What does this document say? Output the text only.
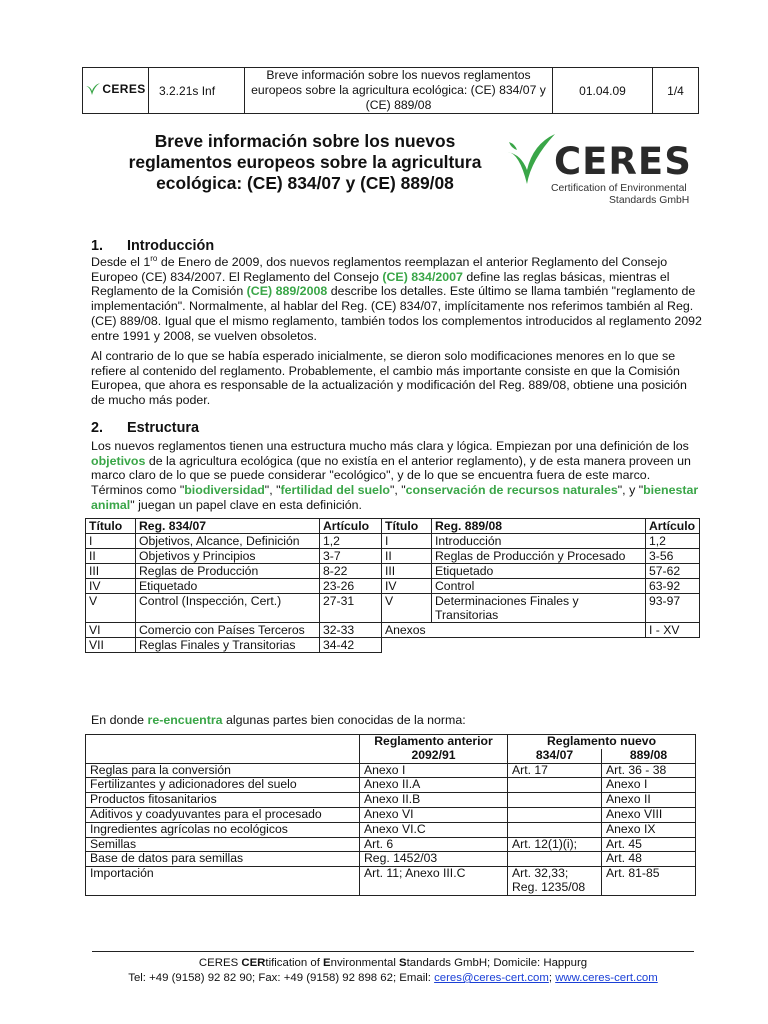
CERES	3.2.21s Inf	Breve información sobre los nuevos reglamentos europeos sobre la agricultura ecológica: (CE) 834/07 y (CE) 889/08	01.04.09	1/4
Breve información sobre los nuevos reglamentos europeos sobre la agricultura ecológica: (CE) 834/07 y (CE) 889/08	CERES
Certification of Environmental
Standards GmbH
1. Introducción
Desde el $1^{ro}$ de Enero de 2009, dos nuevos reglamentos reemplazan el anterior Reglamento del Consejo Europeo (CE) 834/2007. El Reglamento del Consejo (CE) 834/2007 define las reglas básicas, mientras el Reglamento de la Comisión (CE) 889/2008 describe los detalles. Este último se llama también "reglamento de implementación". Normalmente, al hablar del Reg. (CE) 834/07, implícitamente nos referimos también al Reg. (CE) 889/08. Igual que el mismo reglamento, también todos los complementos introducidos al reglamento 2092 entre 1991 y 2008, se vuelven obsoletos.
Al contrario de lo que se había esperado inicialmente, se dieron solo modificaciones menores en lo que se refiere al contenido del reglamento. Probablemente, el cambio más importante consiste en que la Comisión Europea, que ahora es responsable de la actualización y modificación del Reg. 889/08, obtiene una posición de mucho más poder.
2. Estructura
Los nuevos reglamentos tienen una estructura mucho más clara y lógica. Empiezan por una definición de los objetivos de la agricultura ecológica (que no existía en el anterior reglamento), y de esta manera proveen un marco claro de lo que se puede considerar "ecológico", y de lo que se encuentra fuera de este marco. Términos como "biodiversidad", "fertilidad del suelo", "conservación de recursos naturales", y "bienestar animal" juegan un papel clave en esta definición.
Título	Reg. 834/07	Artículo	Título	Reg. 889/08	Artículo
I	Objetivos, Alcance, Definición	1,2	I	Introducción	1,2
II	Objetivos y Principios	3-7	II	Reglas de Producción y Procesado	3-56
III	Reglas de Producción	8-22	III	Etiquetado	57-62
IV	Etiquetado	23-26	IV	Control	63-92
V	Control (Inspección, Cert.)	27-31	V	Determinaciones Finales y Transitorias	93-97
VI	Comercio con Países Terceros	32-33	Anexos		I - XV
VII	Reglas Finales y Transitorias	34-42			
En donde re-encuentra algunas partes bien conocidas de la norma:
	Reglamento anterior 2092/91	Reglamento nuevo	
		834/07	889/08
Reglas para la conversión	Anexo I	Art. 17	Art. 36 - 38
Fertilizantes y adicionadores del suelo	Anexo II.A		Anexo I
Productos fitosanitarios	Anexo II.B		Anexo II
Aditivos y coadyuvantes para el procesado	Anexo VI		Anexo VIII
Ingredientes agrícolas no ecológicos	Anexo VI.C		Anexo IX
Semillas	Art. 6	Art. 12(1)(i);	Art. 45
Base de datos para semillas	Reg. 1452/03		Art. 48
Importación	Art. 11; Anexo III.C	Art. 32,33; Reg. 1235/08	Art. 81-85
CERES CERtification of Environmental Standards GmbH; Domicile: Happurg
Tel: +49 (9158) 92 82 90; Fax: +49 (9158) 92 898 62; Email: ceres@ceres-cert.com; www.ceres-cert.com
